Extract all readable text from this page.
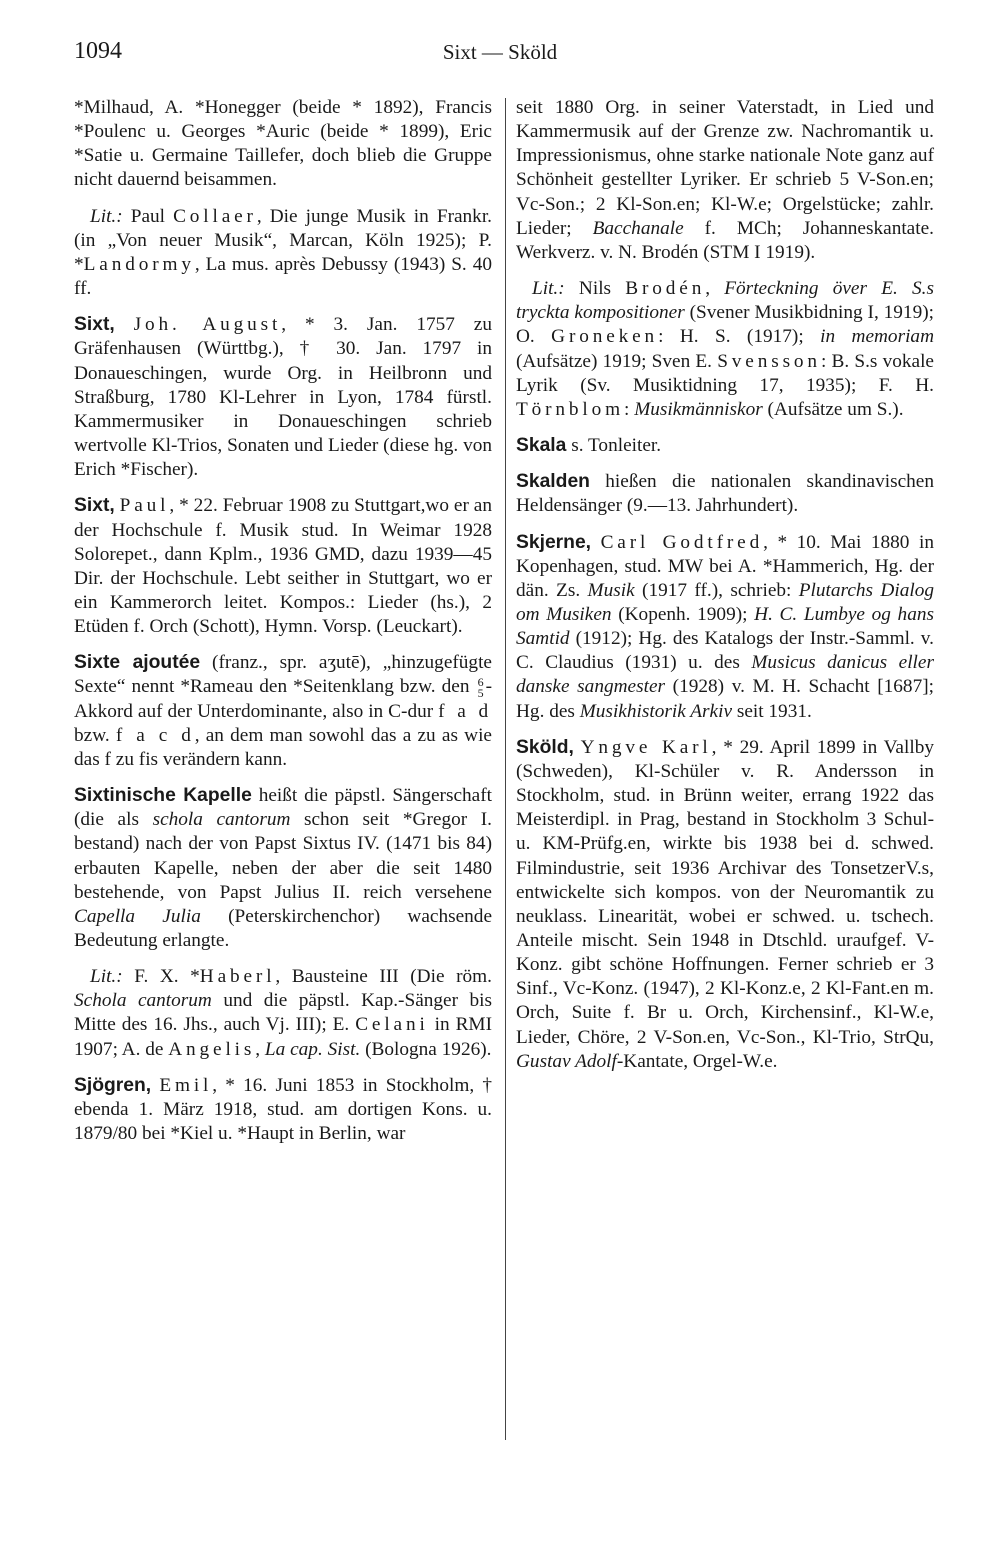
1094	Sixt — Sköld

*Milhaud, A. *Honegger (beide * 1892), Francis *Poulenc u. Georges *Auric (beide * 1899), Eric *Satie u. Germaine Taillefer, doch blieb die Gruppe nicht dauernd beisammen.

Lit.: Paul Collaer, Die junge Musik in Frankr. (in „Von neuer Musik“, Marcan, Köln 1925); P. *Landormy, La mus. après Debussy (1943) S. 40 ff.

Sixt, Joh. August, * 3. Jan. 1757 zu Gräfenhausen (Württbg.), † 30. Jan. 1797 in Donaueschingen, wurde Org. in Heilbronn und Straßburg, 1780 Kl-Lehrer in Lyon, 1784 fürstl. Kammermusiker in Donaueschingen schrieb wertvolle Kl-Trios, Sonaten und Lieder (diese hg. von Erich *Fischer).

Sixt, Paul, * 22. Februar 1908 zu Stuttgart,wo er an der Hochschule f. Musik stud. In Weimar 1928 Solorepet., dann Kplm., 1936 GMD, dazu 1939—45 Dir. der Hochschule. Lebt seither in Stuttgart, wo er ein Kammerorch leitet. Kompos.: Lieder (hs.), 2 Etüden f. Orch (Schott), Hymn. Vorsp. (Leuckart).

Sixte ajoutée (franz., spr. aʒutē), „hinzugefügte Sexte“ nennt *Rameau den *Seitenklang bzw. den 6
5 -Akkord auf der Unterdominante, also in C-dur f a d bzw. f a c d, an dem man sowohl das a zu as wie das f zu fis verändern kann.

Sixtinische Kapelle heißt die päpstl. Sängerschaft (die als schola cantorum schon seit *Gregor I. bestand) nach der von Papst Sixtus IV. (1471 bis 84) erbauten Kapelle, neben der aber die seit 1480 bestehende, von Papst Julius II. reich versehene Capella Julia (Peterskirchenchor) wachsende Bedeutung erlangte.

Lit.: F. X. *Haberl, Bausteine III (Die röm. Schola cantorum und die päpstl. Kap.-Sänger bis Mitte des 16. Jhs., auch Vj. III); E. Celani in RMI 1907; A. de Angelis, La cap. Sist. (Bologna 1926).

Sjögren, Emil, * 16. Juni 1853 in Stockholm, † ebenda 1. März 1918, stud. am dortigen Kons. u. 1879/80 bei *Kiel u. *Haupt in Berlin, war

seit 1880 Org. in seiner Vaterstadt, in Lied und Kammermusik auf der Grenze zw. Nachromantik u. Impressionismus, ohne starke nationale Note ganz auf Schönheit gestellter Lyriker. Er schrieb 5 V-Son.en; Vc-Son.; 2 Kl-Son.en; Kl-W.e; Orgelstücke; zahlr. Lieder; Bacchanale f. MCh; Johanneskantate. Werkverz. v. N. Brodén (STM I 1919).

Lit.: Nils Brodén, Förteckning över E. S.s tryckta kompositioner (Svener Musikbidning I, 1919); O. Groneken: H. S. (1917); in memoriam (Aufsätze) 1919; Sven E. Svensson: B. S.s vokale Lyrik (Sv. Musiktidning 17, 1935); F. H. Törnblom: Musikmänniskor (Aufsätze um S.).

Skala s. Tonleiter.

Skalden hießen die nationalen skandinavischen Heldensänger (9.—13. Jahrhundert).

Skjerne, Carl Godtfred, * 10. Mai 1880 in Kopenhagen, stud. MW bei A. *Hammerich, Hg. der dän. Zs. Musik (1917 ff.), schrieb: Plutarchs Dialog om Musiken (Kopenh. 1909); H. C. Lumbye og hans Samtid (1912); Hg. des Katalogs der Instr.-Samml. v. C. Claudius (1931) u. des Musicus danicus eller danske sangmester (1928) v. M. H. Schacht [1687]; Hg. des Musikhistorik Arkiv seit 1931.

Sköld, Yngve Karl, * 29. April 1899 in Vallby (Schweden), Kl-Schüler v. R. Andersson in Stockholm, stud. in Brünn weiter, errang 1922 das Meisterdipl. in Prag, bestand in Stockholm 3 Schul- u. KM-Prüfg.en, wirkte bis 1938 bei d. schwed. Filmindustrie, seit 1936 Archivar des TonsetzerV.s, entwickelte sich kompos. von der Neuromantik zu neuklass. Linearität, wobei er schwed. u. tschech. Anteile mischt. Sein 1948 in Dtschld. uraufgef. V-Konz. gibt schöne Hoffnungen. Ferner schrieb er 3 Sinf., Vc-Konz. (1947), 2 Kl-Konz.e, 2 Kl-Fant.en m. Orch, Suite f. Br u. Orch, Kirchensinf., Kl-W.e, Lieder, Chöre, 2 V-Son.en, Vc-Son., Kl-Trio, StrQu, Gustav Adolf-Kantate, Orgel-W.e.
